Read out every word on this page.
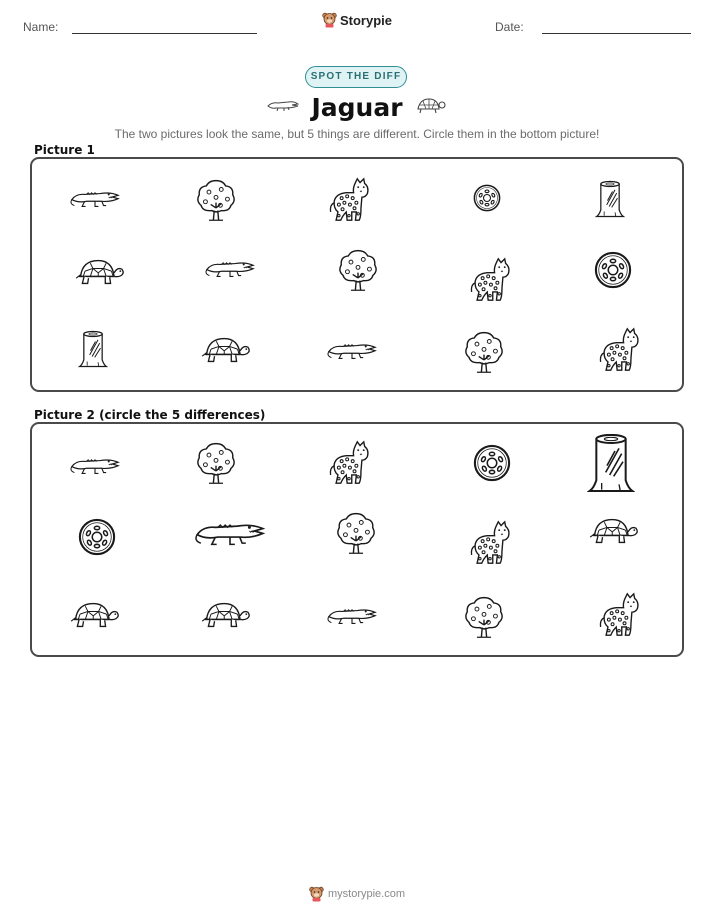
Name:	Date:
Storypie
SPOT THE DIFF
Jaguar
The two pictures look the same, but 5 things are different. Circle them in the bottom picture!
Picture 1
Picture 2 (circle the 5 differences)
mystorypie.com
